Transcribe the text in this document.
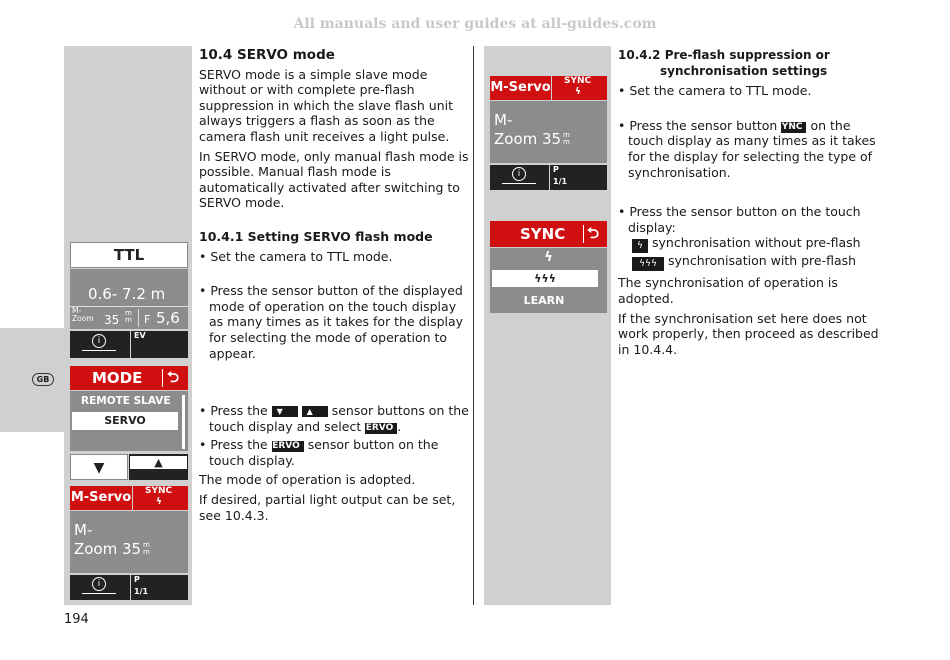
All manuals and user guides at all-guides.com
GB
TTL
0.6- 7.2 m
M-
Zoom 35 m
m F 5,6
i
EV
MODE ⮌
REMOTE SLAVE
SERVO
▼	▲
M-Servo SYNC
ϟ
M-
Zoom 35 m
m
i	P
1/1
M-Servo SYNC
ϟ
M-
Zoom 35 m
m
i	P
1/1
SYNC ⮌
ϟ
ϟϟϟ
LEARN

10.4 SERVO mode

SERVO mode is a simple slave mode without or with complete pre-flash suppression in which the slave flash unit always triggers a flash as soon as the camera flash unit receives a light pulse.

In SERVO mode, only manual flash mode is possible. Manual flash mode is automatically activated after switching to SERVO mode.

10.4.1 Setting SERVO flash mode

• Set the camera to TTL mode.

• Press the sensor button of the displayed mode of operation on the touch display as many times as it takes for the display for selecting the mode of operation to appear.

• Press the ▼	▲ sensor buttons on the touch display and select SERVO .

• Press the SERVO sensor button on the touch display.

The mode of operation is adopted.

If desired, partial light output can be set, see 10.4.3.

10.4.2 Pre-flash suppression or

synchronisation settings

• Set the camera to TTL mode.

• Press the sensor button SYNC on the touch display as many times as it takes for the display for selecting the type of synchronisation.

• Press the sensor button on the touch display:

ϟ synchronisation without pre-flash

ϟϟϟ synchronisation with pre-flash

The synchronisation of operation is adopted.

If the synchronisation set here does not work properly, then proceed as described in 10.4.4.

194
